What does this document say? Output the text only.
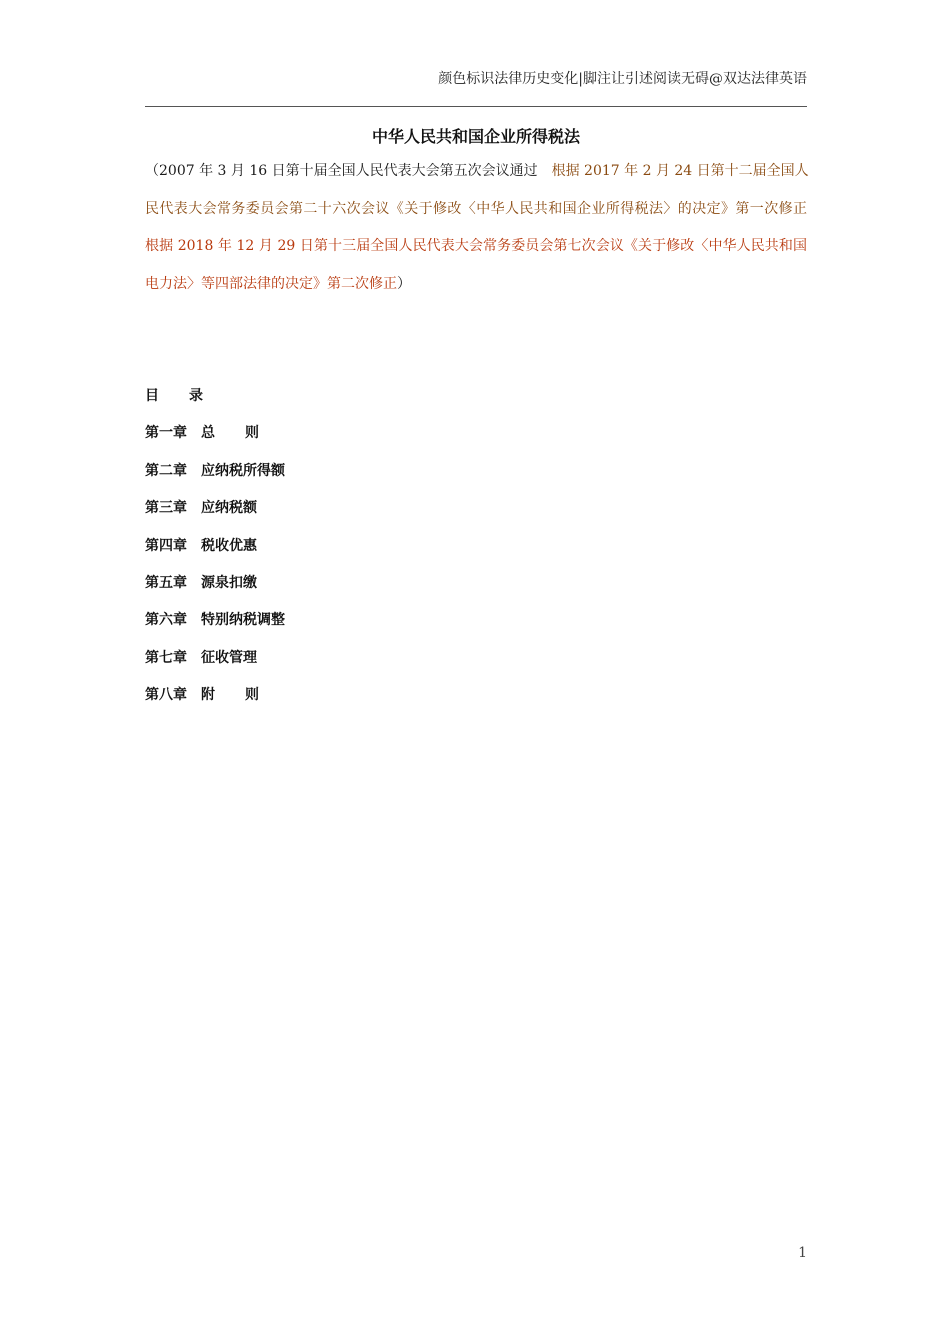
颜色标识法律历史变化|脚注让引述阅读无碍@双达法律英语
中华人民共和国企业所得税法
（2007 年 3 月 16 日第十届全国人民代表大会第五次会议通过　根据 2017 年 2 月 24 日第十二届全国人
民代表大会常务委员会第二十六次会议《关于修改〈中华人民共和国企业所得税法〉的决定》第一次修正
根据 2018 年 12 月 29 日第十三届全国人民代表大会常务委员会第七次会议《关于修改〈中华人民共和国
电力法〉等四部法律的决定》第二次修正）
目 录
第一章 总 则
第二章 应纳税所得额
第三章 应纳税额
第四章 税收优惠
第五章 源泉扣缴
第六章 特别纳税调整
第七章 征收管理
第八章 附 则
1
